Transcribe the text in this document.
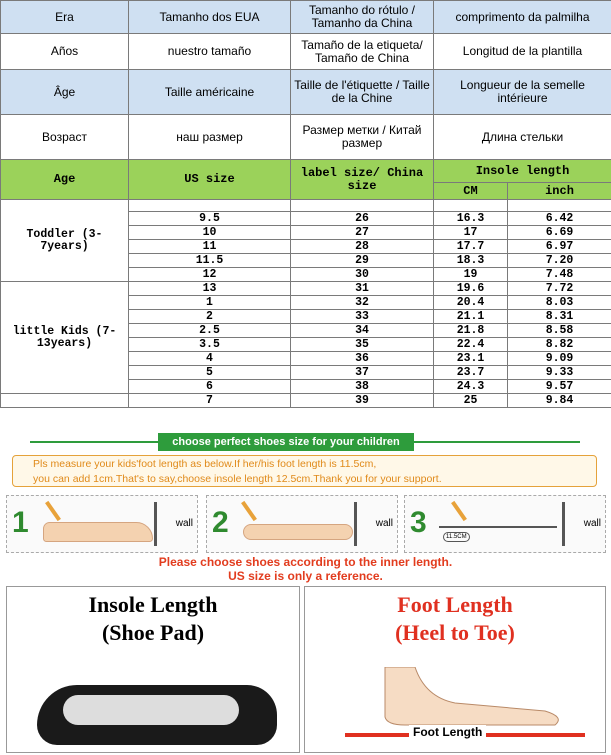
Era	Tamanho dos EUA	Tamanho do rótulo / Tamanho da China	comprimento da palmilha	
Años	nuestro tamaño	Tamaño de la etiqueta/ Tamaño de China	Longitud de la plantilla	
Âge	Taille américaine	Taille de l'étiquette / Taille de la Chine	Longueur de la semelle intérieure	
Возраст	наш размер	Размер метки / Китай размер	Длина стельки	
Age	US size	label size/ China size	Insole length	
			CM	inch
Toddler (3-7years)				
	9.5	26	16.3	6.42
	10	27	17	6.69
	11	28	17.7	6.97
	11.5	29	18.3	7.20
	12	30	19	7.48
little Kids (7-13years)	13	31	19.6	7.72
	1	32	20.4	8.03
	2	33	21.1	8.31
	2.5	34	21.8	8.58
	3.5	35	22.4	8.82
	4	36	23.1	9.09
	5	37	23.7	9.33
	6	38	24.3	9.57
	7	39	25	9.84
choose perfect shoes size for your children
Pls measure your kids'foot length as below.If her/his foot length is 11.5cm,
you can add 1cm.That's to say,choose insole length 12.5cm.Thank you for your support.
1	wall 2	wall 3	11.5CM
wall
Please choose shoes according to the inner length.
US size is only a reference.
Insole Length
(Shoe Pad)
Foot Length
(Heel to Toe)
Foot Length
